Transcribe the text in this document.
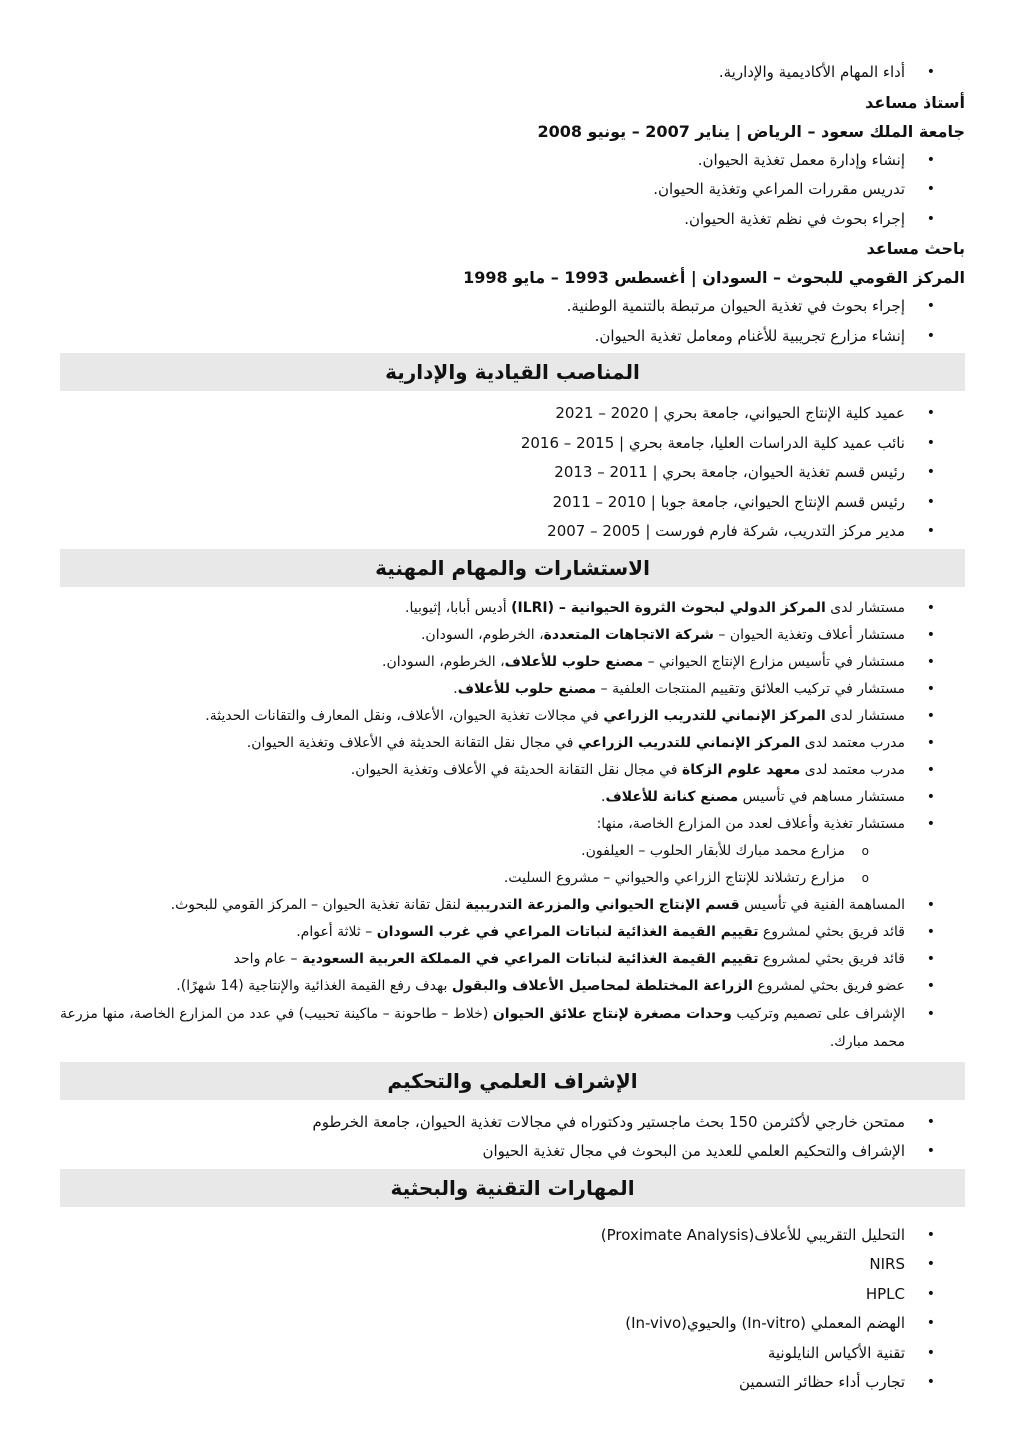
• أداء المهام الأكاديمية والإدارية.
أستاذ مساعد
جامعة الملك سعود – الرياض | يناير 2007 – يونيو 2008
• إنشاء وإدارة معمل تغذية الحيوان.
• تدريس مقررات المراعي وتغذية الحيوان.
• إجراء بحوث في نظم تغذية الحيوان.
باحث مساعد
المركز القومي للبحوث – السودان | أغسطس 1993 – مايو 1998
• إجراء بحوث في تغذية الحيوان مرتبطة بالتنمية الوطنية.
• إنشاء مزارع تجريبية للأغنام ومعامل تغذية الحيوان.
المناصب القيادية والإدارية
• عميد كلية الإنتاج الحيواني، جامعة بحري | 2020 – 2021
• نائب عميد كلية الدراسات العليا، جامعة بحري | 2015 – 2016
• رئيس قسم تغذية الحيوان، جامعة بحري | 2011 – 2013
• رئيس قسم الإنتاج الحيواني، جامعة جوبا | 2010 – 2011
• مدير مركز التدريب، شركة فارم فورست | 2005 – 2007
الاستشارات والمهام المهنية
• مستشار لدى المركز الدولي لبحوث الثروة الحيوانية – (ILRI) أديس أبابا، إثيوبيا.
• مستشار أعلاف وتغذية الحيوان – شركة الاتجاهات المتعددة، الخرطوم، السودان.
• مستشار في تأسيس مزارع الإنتاج الحيواني – مصنع حلوب للأعلاف، الخرطوم، السودان.
• مستشار في تركيب العلائق وتقييم المنتجات العلفية – مصنع حلوب للأعلاف.
• مستشار لدى المركز الإنماني للتدريب الزراعي في مجالات تغذية الحيوان، الأعلاف، ونقل المعارف والتقانات الحديثة.
• مدرب معتمد لدى المركز الإنماني للتدريب الزراعي في مجال نقل التقانة الحديثة في الأعلاف وتغذية الحيوان.
• مدرب معتمد لدى معهد علوم الزكاة في مجال نقل التقانة الحديثة في الأعلاف وتغذية الحيوان.
• مستشار مساهم في تأسيس مصنع كنانة للأعلاف.
• مستشار تغذية وأعلاف لعدد من المزارع الخاصة، منها:
o مزارع محمد مبارك للأبقار الحلوب – العيلفون.
o مزارع رتشلاند للإنتاج الزراعي والحيواني – مشروع السليت.
• المساهمة الفنية في تأسيس قسم الإنتاج الحيواني والمزرعة التدريبية لنقل تقانة تغذية الحيوان – المركز القومي للبحوث.
• قائد فريق بحثي لمشروع تقييم القيمة الغذائية لنباتات المراعي في غرب السودان – ثلاثة أعوام.
• قائد فريق بحثي لمشروع تقييم القيمة الغذائية لنباتات المراعي في المملكة العربية السعودية – عام واحد
• عضو فريق بحثي لمشروع الزراعة المختلطة لمحاصيل الأعلاف والبقول بهدف رفع القيمة الغذائية والإنتاجية (14 شهرًا).
• الإشراف على تصميم وتركيب وحدات مصغرة لإنتاج علائق الحيوان (خلاط – طاحونة – ماكينة تحبيب) في عدد من المزارع الخاصة، منها مزرعة محمد مبارك.
الإشراف العلمي والتحكيم
• ممتحن خارجي لأكثرمن 150 بحث ماجستير ودكتوراه في مجالات تغذية الحيوان، جامعة الخرطوم
• الإشراف والتحكيم العلمي للعديد من البحوث في مجال تغذية الحيوان
المهارات التقنية والبحثية
• التحليل التقريبي للأعلاف(Proximate Analysis)
• NIRS
• HPLC
• الهضم المعملي (In-vitro) والحيوي(In-vivo)
• تقنية الأكياس النايلونية
• تجارب أداء حظائر التسمين
